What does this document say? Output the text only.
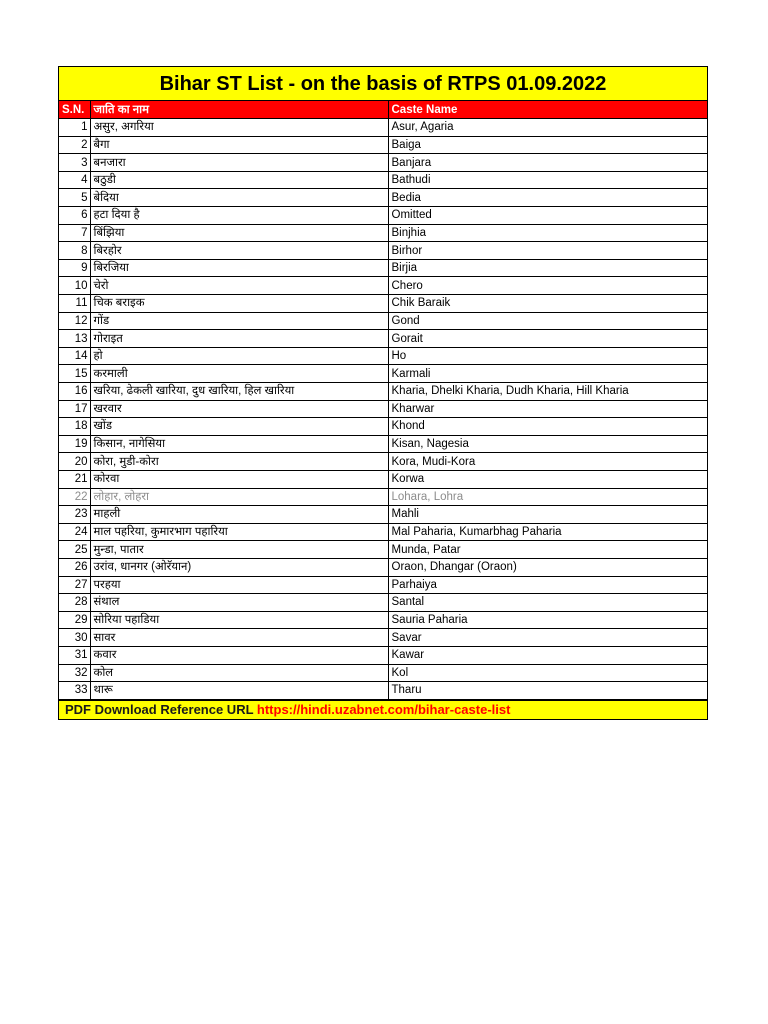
Bihar ST List - on the basis of RTPS 01.09.2022
S.N.	जाति का नाम	Caste Name
1	असुर, अगरिया	Asur, Agaria
2	बैगा	Baiga
3	बनजारा	Banjara
4	बठुडी	Bathudi
5	बेदिया	Bedia
6	हटा दिया है	Omitted
7	बिंझिया	Binjhia
8	बिरहोर	Birhor
9	बिरजिया	Birjia
10	चेरो	Chero
11	चिक बराइक	Chik Baraik
12	गोंड	Gond
13	गोराइत	Gorait
14	हो	Ho
15	करमाली	Karmali
16	खरिया, ढेकली खारिया, दुध खारिया, हिल खारिया	Kharia, Dhelki Kharia, Dudh Kharia, Hill Kharia
17	खरवार	Kharwar
18	खोंड	Khond
19	किसान, नागेसिया	Kisan, Nagesia
20	कोरा, मुडी-कोरा	Kora, Mudi-Kora
21	कोरवा	Korwa
22	लोहार, लोहरा	Lohara, Lohra
23	माहली	Mahli
24	माल पहरिया, कुमारभाग पहारिया	Mal Paharia, Kumarbhag Paharia
25	मुन्डा, पातार	Munda, Patar
26	उरांव, धानगर (ओरॅयान)	Oraon, Dhangar (Oraon)
27	परहया	Parhaiya
28	संथाल	Santal
29	सोरिया पहाडिया	Sauria Paharia
30	सावर	Savar
31	कवार	Kawar
32	कोल	Kol
33	थारू	Tharu
PDF Download Reference URL https://hindi.uzabnet.com/bihar-caste-list
